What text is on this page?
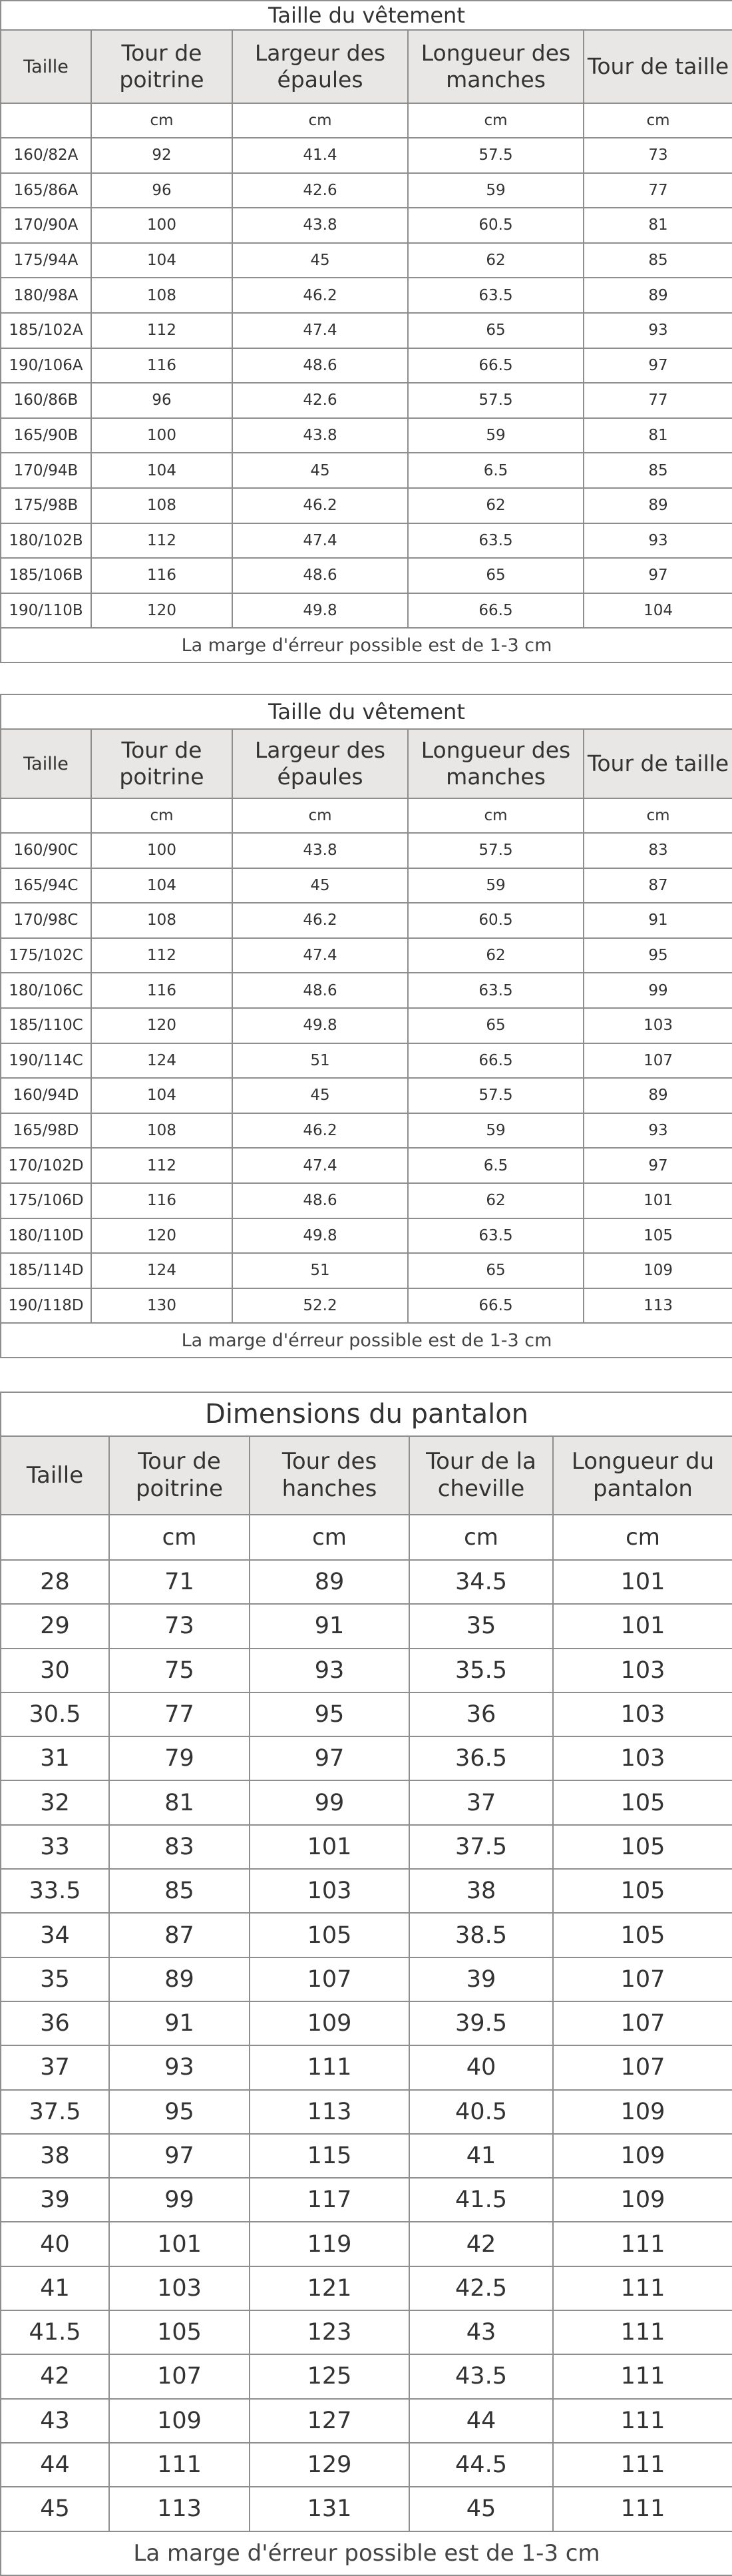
Taille du vêtement				
Taille	Tour de poitrine	Largeur des épaules	Longueur des manches	Tour de taille
	cm	cm	cm	cm
160/82A	92	41.4	57.5	73
165/86A	96	42.6	59	77
170/90A	100	43.8	60.5	81
175/94A	104	45	62	85
180/98A	108	46.2	63.5	89
185/102A	112	47.4	65	93
190/106A	116	48.6	66.5	97
160/86B	96	42.6	57.5	77
165/90B	100	43.8	59	81
170/94B	104	45	6.5	85
175/98B	108	46.2	62	89
180/102B	112	47.4	63.5	93
185/106B	116	48.6	65	97
190/110B	120	49.8	66.5	104
La marge d'érreur possible est de 1-3 cm				
Taille du vêtement				
Taille	Tour de poitrine	Largeur des épaules	Longueur des manches	Tour de taille
	cm	cm	cm	cm
160/90C	100	43.8	57.5	83
165/94C	104	45	59	87
170/98C	108	46.2	60.5	91
175/102C	112	47.4	62	95
180/106C	116	48.6	63.5	99
185/110C	120	49.8	65	103
190/114C	124	51	66.5	107
160/94D	104	45	57.5	89
165/98D	108	46.2	59	93
170/102D	112	47.4	6.5	97
175/106D	116	48.6	62	101
180/110D	120	49.8	63.5	105
185/114D	124	51	65	109
190/118D	130	52.2	66.5	113
La marge d'érreur possible est de 1-3 cm				
Dimensions du pantalon				
Taille	Tour de poitrine	Tour des hanches	Tour de la cheville	Longueur du pantalon
	cm	cm	cm	cm
28	71	89	34.5	101
29	73	91	35	101
30	75	93	35.5	103
30.5	77	95	36	103
31	79	97	36.5	103
32	81	99	37	105
33	83	101	37.5	105
33.5	85	103	38	105
34	87	105	38.5	105
35	89	107	39	107
36	91	109	39.5	107
37	93	111	40	107
37.5	95	113	40.5	109
38	97	115	41	109
39	99	117	41.5	109
40	101	119	42	111
41	103	121	42.5	111
41.5	105	123	43	111
42	107	125	43.5	111
43	109	127	44	111
44	111	129	44.5	111
45	113	131	45	111
La marge d'érreur possible est de 1-3 cm				
